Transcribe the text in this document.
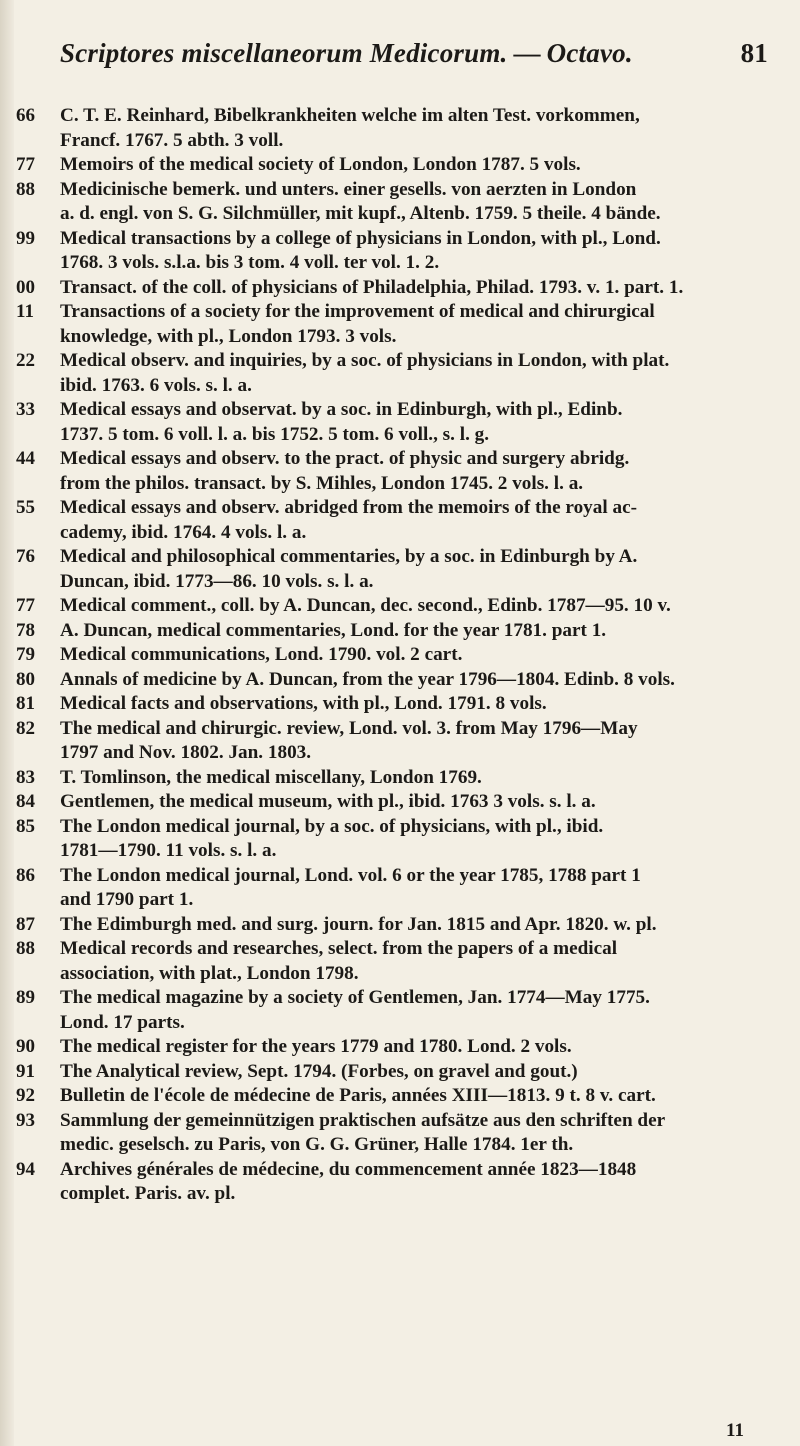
Scriptores miscellaneorum Medicorum. — Octavo.	81
66 C. T. E. Reinhard, Bibelkrankheiten welche im alten Test. vorkommen,
Francf. 1767. 5 abth. 3 voll.
77 Memoirs of the medical society of London, London 1787. 5 vols.
88 Medicinische bemerk. und unters. einer gesells. von aerzten in London
a. d. engl. von S. G. Silchmüller, mit kupf., Altenb. 1759. 5 theile. 4 bände.
99 Medical transactions by a college of physicians in London, with pl., Lond.
1768. 3 vols. s.l.a. bis 3 tom. 4 voll. ter vol. 1. 2.
00 Transact. of the coll. of physicians of Philadelphia, Philad. 1793. v. 1. part. 1.
11 Transactions of a society for the improvement of medical and chirurgical
knowledge, with pl., London 1793. 3 vols.
22 Medical observ. and inquiries, by a soc. of physicians in London, with plat.
ibid. 1763. 6 vols. s. l. a.
33 Medical essays and observat. by a soc. in Edinburgh, with pl., Edinb.
1737. 5 tom. 6 voll. l. a. bis 1752. 5 tom. 6 voll., s. l. g.
44 Medical essays and observ. to the pract. of physic and surgery abridg.
from the philos. transact. by S. Mihles, London 1745. 2 vols. l. a.
55 Medical essays and observ. abridged from the memoirs of the royal ac-
cademy, ibid. 1764. 4 vols. l. a.
76 Medical and philosophical commentaries, by a soc. in Edinburgh by A.
Duncan, ibid. 1773—86. 10 vols. s. l. a.
77 Medical comment., coll. by A. Duncan, dec. second., Edinb. 1787—95. 10 v.
78 A. Duncan, medical commentaries, Lond. for the year 1781. part 1.
79 Medical communications, Lond. 1790. vol. 2 cart.
80 Annals of medicine by A. Duncan, from the year 1796—1804. Edinb. 8 vols.
81 Medical facts and observations, with pl., Lond. 1791. 8 vols.
82 The medical and chirurgic. review, Lond. vol. 3. from May 1796—May
1797 and Nov. 1802. Jan. 1803.
83 T. Tomlinson, the medical miscellany, London 1769.
84 Gentlemen, the medical museum, with pl., ibid. 1763 3 vols. s. l. a.
85 The London medical journal, by a soc. of physicians, with pl., ibid.
1781—1790. 11 vols. s. l. a.
86 The London medical journal, Lond. vol. 6 or the year 1785, 1788 part 1
and 1790 part 1.
87 The Edimburgh med. and surg. journ. for Jan. 1815 and Apr. 1820. w. pl.
88 Medical records and researches, select. from the papers of a medical
association, with plat., London 1798.
89 The medical magazine by a society of Gentlemen, Jan. 1774—May 1775.
Lond. 17 parts.
90 The medical register for the years 1779 and 1780. Lond. 2 vols.
91 The Analytical review, Sept. 1794. (Forbes, on gravel and gout.)
92 Bulletin de l'école de médecine de Paris, années XIII—1813. 9 t. 8 v. cart.
93 Sammlung der gemeinnützigen praktischen aufsätze aus den schriften der
medic. geselsch. zu Paris, von G. G. Grüner, Halle 1784. 1er th.
94 Archives générales de médecine, du commencement année 1823—1848
complet. Paris. av. pl.
11
